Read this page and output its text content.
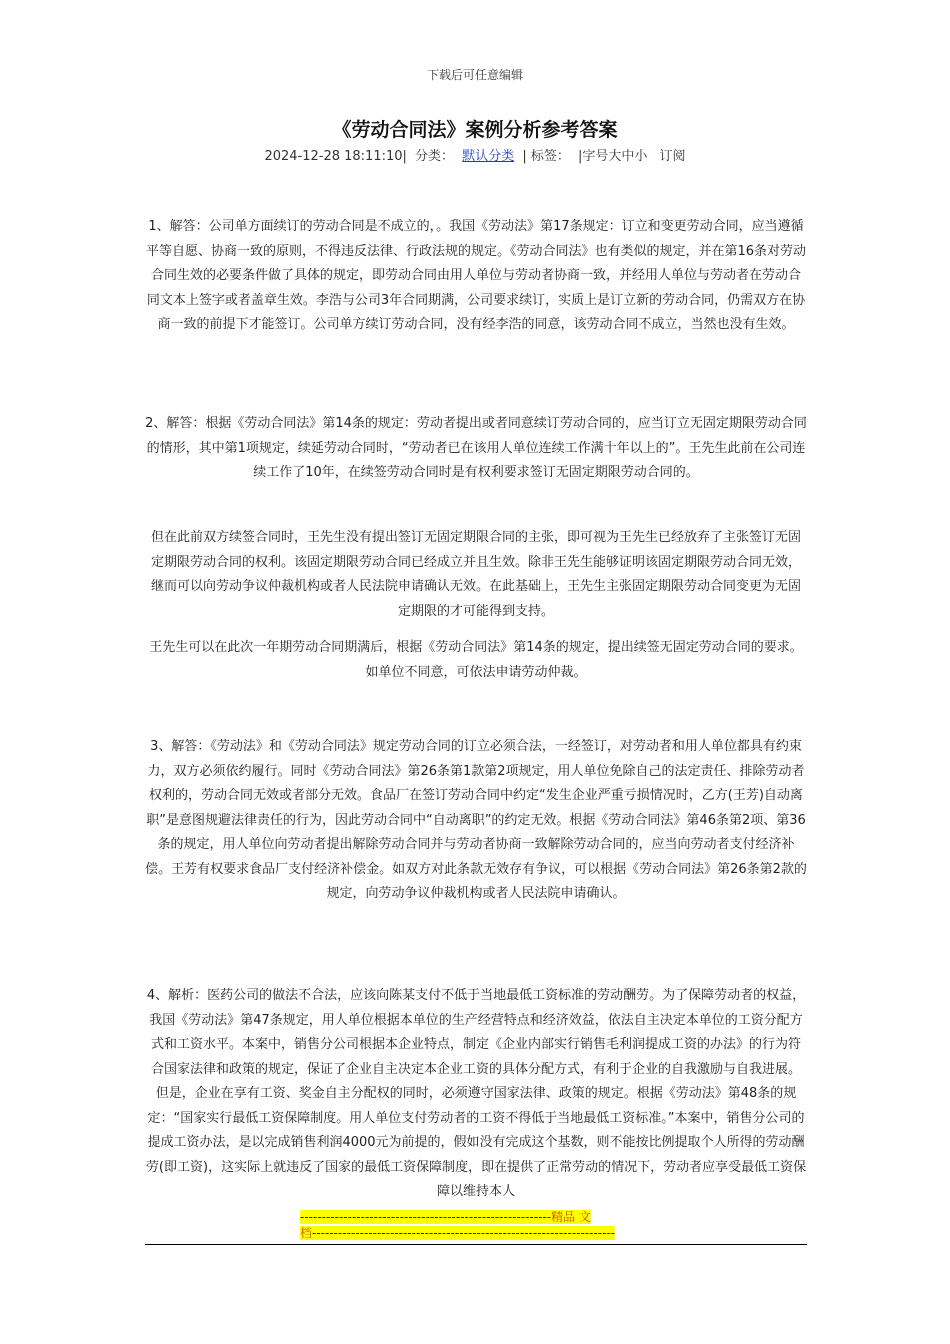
下载后可任意编辑
《劳动合同法》案例分析参考答案
2024-12-28 18:11:10| 分类： 默认分类 | 标签： |字号大中小 订阅

1、解答：公司单方面续订的劳动合同是不成立的，。我国《劳动法》第17条规定：订立和变更劳动合同，应当遵循平等自愿、协商一致的原则，不得违反法律、行政法规的规定。《劳动合同法》也有类似的规定，并在第16条对劳动合同生效的必要条件做了具体的规定，即劳动合同由用人单位与劳动者协商一致，并经用人单位与劳动者在劳动合同文本上签字或者盖章生效。李浩与公司3年合同期满，公司要求续订，实质上是订立新的劳动合同，仍需双方在协商一致的前提下才能签订。公司单方续订劳动合同，没有经李浩的同意，该劳动合同不成立，当然也没有生效。

2、解答：根据《劳动合同法》第14条的规定：劳动者提出或者同意续订劳动合同的，应当订立无固定期限劳动合同的情形，其中第1项规定，续延劳动合同时，“劳动者已在该用人单位连续工作满十年以上的”。王先生此前在公司连续工作了10年，在续签劳动合同时是有权利要求签订无固定期限劳动合同的。

但在此前双方续签合同时，王先生没有提出签订无固定期限合同的主张，即可视为王先生已经放弃了主张签订无固定期限劳动合同的权利。该固定期限劳动合同已经成立并且生效。除非王先生能够证明该固定期限劳动合同无效，继而可以向劳动争议仲裁机构或者人民法院申请确认无效。在此基础上，王先生主张固定期限劳动合同变更为无固定期限的才可能得到支持。

王先生可以在此次一年期劳动合同期满后，根据《劳动合同法》第14条的规定，提出续签无固定劳动合同的要求。如单位不同意，可依法申请劳动仲裁。

3、解答：《劳动法》和《劳动合同法》规定劳动合同的订立必须合法，一经签订，对劳动者和用人单位都具有约束力，双方必须依约履行。同时《劳动合同法》第26条第1款第2项规定，用人单位免除自己的法定责任、排除劳动者权利的，劳动合同无效或者部分无效。食品厂在签订劳动合同中约定“发生企业严重亏损情况时，乙方(王芳)自动离职”是意图规避法律责任的行为，因此劳动合同中“自动离职”的约定无效。根据《劳动合同法》第46条第2项、第36条的规定，用人单位向劳动者提出解除劳动合同并与劳动者协商一致解除劳动合同的，应当向劳动者支付经济补偿。王芳有权要求食品厂支付经济补偿金。如双方对此条款无效存有争议，可以根据《劳动合同法》第26条第2款的规定，向劳动争议仲裁机构或者人民法院申请确认。

4、解析：医药公司的做法不合法，应该向陈某支付不低于当地最低工资标准的劳动酬劳。为了保障劳动者的权益，我国《劳动法》第47条规定，用人单位根据本单位的生产经营特点和经济效益，依法自主决定本单位的工资分配方式和工资水平。本案中，销售分公司根据本企业特点，制定《企业内部实行销售毛利润提成工资的办法》的行为符合国家法律和政策的规定，保证了企业自主决定本企业工资的具体分配方式，有利于企业的自我激励与自我进展。但是，企业在享有工资、奖金自主分配权的同时，必须遵守国家法律、政策的规定。根据《劳动法》第48条的规定：“国家实行最低工资保障制度。用人单位支付劳动者的工资不得低于当地最低工资标准。”本案中，销售分公司的提成工资办法，是以完成销售利润4000元为前提的，假如没有完成这个基数，则不能按比例提取个人所得的劳动酬劳(即工资)，这实际上就违反了国家的最低工资保障制度，即在提供了正常劳动的情况下，劳动者应享受最低工资保障以维持本人

----------------------------------------------------------精品 文
档----------------------------------------------------------------------
